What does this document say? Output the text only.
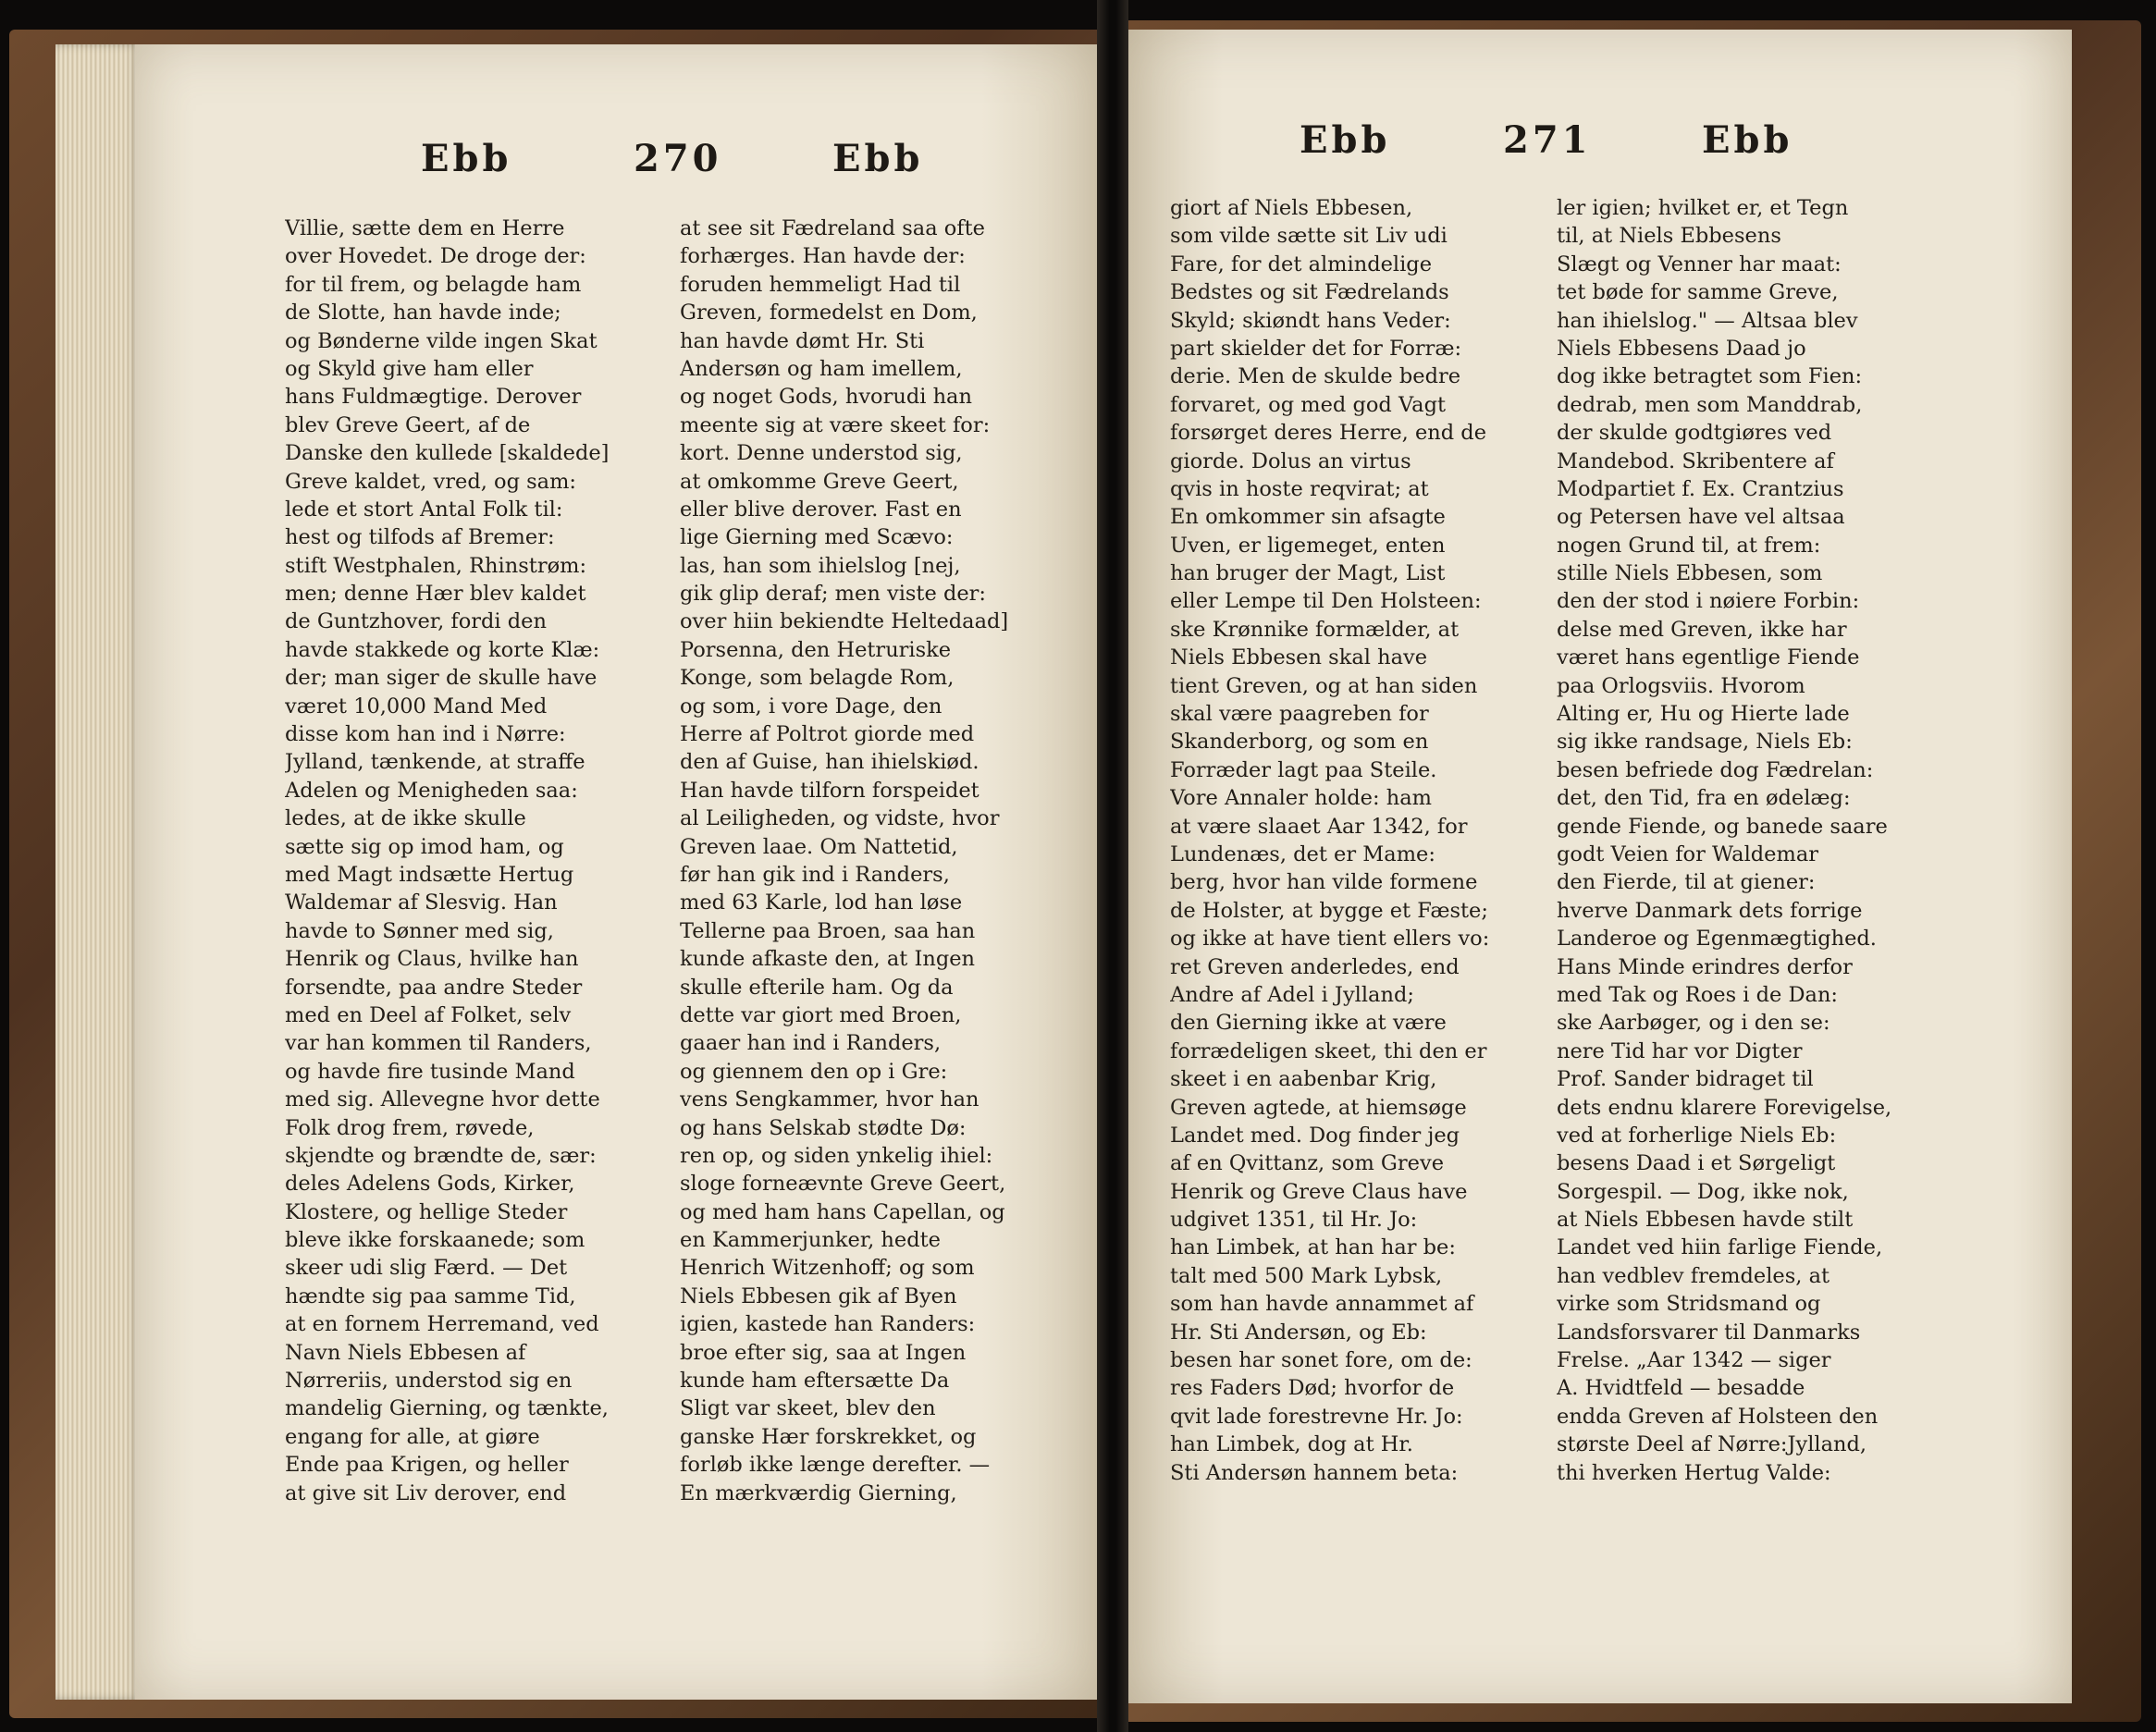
Ebb	270	Ebb	Ebb	271	Ebb
Villie, sætte dem en Herre
over Hovedet. De droge der:
for til frem, og belagde ham
de Slotte, han havde inde;
og Bønderne vilde ingen Skat
og Skyld give ham eller
hans Fuldmægtige. Derover
blev Greve Geert, af de
Danske den kullede [skaldede]
Greve kaldet, vred, og sam:
lede et stort Antal Folk til:
hest og tilfods af Bremer:
stift Westphalen, Rhinstrøm:
men; denne Hær blev kaldet
de Guntzhover, fordi den
havde stakkede og korte Klæ:
der; man siger de skulle have
været 10,000 Mand Med
disse kom han ind i Nørre:
Jylland, tænkende, at straffe
Adelen og Menigheden saa:
ledes, at de ikke skulle
sætte sig op imod ham, og
med Magt indsætte Hertug
Waldemar af Slesvig. Han
havde to Sønner med sig,
Henrik og Claus, hvilke han
forsendte, paa andre Steder
med en Deel af Folket, selv
var han kommen til Randers,
og havde fire tusinde Mand
med sig. Allevegne hvor dette
Folk drog frem, røvede,
skjendte og brændte de, sær:
deles Adelens Gods, Kirker,
Klostere, og hellige Steder
bleve ikke forskaanede; som
skeer udi slig Færd. — Det
hændte sig paa samme Tid,
at en fornem Herremand, ved
Navn Niels Ebbesen af
Nørreriis, understod sig en
mandelig Gierning, og tænkte,
engang for alle, at giøre
Ende paa Krigen, og heller
at give sit Liv derover, end
at see sit Fædreland saa ofte
forhærges. Han havde der:
foruden hemmeligt Had til
Greven, formedelst en Dom,
han havde dømt Hr. Sti
Andersøn og ham imellem,
og noget Gods, hvorudi han
meente sig at være skeet for:
kort. Denne understod sig,
at omkomme Greve Geert,
eller blive derover. Fast en
lige Gierning med Scævo:
las, han som ihielslog [nej,
gik glip deraf; men viste der:
over hiin bekiendte Heltedaad]
Porsenna, den Hetruriske
Konge, som belagde Rom,
og som, i vore Dage, den
Herre af Poltrot giorde med
den af Guise, han ihielskiød.
Han havde tilforn forspeidet
al Leiligheden, og vidste, hvor
Greven laae. Om Nattetid,
før han gik ind i Randers,
med 63 Karle, lod han løse
Tellerne paa Broen, saa han
kunde afkaste den, at Ingen
skulle efterile ham. Og da
dette var giort med Broen,
gaaer han ind i Randers,
og giennem den op i Gre:
vens Sengkammer, hvor han
og hans Selskab stødte Dø:
ren op, og siden ynkelig ihiel:
sloge forneævnte Greve Geert,
og med ham hans Capellan, og
en Kammerjunker, hedte
Henrich Witzenhoff; og som
Niels Ebbesen gik af Byen
igien, kastede han Randers:
broe efter sig, saa at Ingen
kunde ham eftersætte Da
Sligt var skeet, blev den
ganske Hær forskrekket, og
forløb ikke længe derefter. —
En mærkværdig Gierning,
giort af Niels Ebbesen,
som vilde sætte sit Liv udi
Fare, for det almindelige
Bedstes og sit Fædrelands
Skyld; skiøndt hans Veder:
part skielder det for Forræ:
derie. Men de skulde bedre
forvaret, og med god Vagt
forsørget deres Herre, end de
giorde. Dolus an virtus
qvis in hoste reqvirat; at
En omkommer sin afsagte
Uven, er ligemeget, enten
han bruger der Magt, List
eller Lempe til Den Holsteen:
ske Krønnike formælder, at
Niels Ebbesen skal have
tient Greven, og at han siden
skal være paagreben for
Skanderborg, og som en
Forræder lagt paa Steile.
Vore Annaler holde: ham
at være slaaet Aar 1342, for
Lundenæs, det er Mame:
berg, hvor han vilde formene
de Holster, at bygge et Fæste;
og ikke at have tient ellers vo:
ret Greven anderledes, end
Andre af Adel i Jylland;
den Gierning ikke at være
forrædeligen skeet, thi den er
skeet i en aabenbar Krig,
Greven agtede, at hiemsøge
Landet med. Dog finder jeg
af en Qvittanz, som Greve
Henrik og Greve Claus have
udgivet 1351, til Hr. Jo:
han Limbek, at han har be:
talt med 500 Mark Lybsk,
som han havde annammet af
Hr. Sti Andersøn, og Eb:
besen har sonet fore, om de:
res Faders Død; hvorfor de
qvit lade forestrevne Hr. Jo:
han Limbek, dog at Hr.
Sti Andersøn hannem beta:
ler igien; hvilket er, et Tegn
til, at Niels Ebbesens
Slægt og Venner har maat:
tet bøde for samme Greve,
han ihielslog." — Altsaa blev
Niels Ebbesens Daad jo
dog ikke betragtet som Fien:
dedrab, men som Manddrab,
der skulde godtgiøres ved
Mandebod. Skribentere af
Modpartiet f. Ex. Crantzius
og Petersen have vel altsaa
nogen Grund til, at frem:
stille Niels Ebbesen, som
den der stod i nøiere Forbin:
delse med Greven, ikke har
været hans egentlige Fiende
paa Orlogsviis. Hvorom
Alting er, Hu og Hierte lade
sig ikke randsage, Niels Eb:
besen befriede dog Fædrelan:
det, den Tid, fra en ødelæg:
gende Fiende, og banede saare
godt Veien for Waldemar
den Fierde, til at giener:
hverve Danmark dets forrige
Landeroe og Egenmægtighed.
Hans Minde erindres derfor
med Tak og Roes i de Dan:
ske Aarbøger, og i den se:
nere Tid har vor Digter
Prof. Sander bidraget til
dets endnu klarere Forevigelse,
ved at forherlige Niels Eb:
besens Daad i et Sørgeligt
Sorgespil. — Dog, ikke nok,
at Niels Ebbesen havde stilt
Landet ved hiin farlige Fiende,
han vedblev fremdeles, at
virke som Stridsmand og
Landsforsvarer til Danmarks
Frelse. „Aar 1342 — siger
A. Hvidtfeld — besadde
endda Greven af Holsteen den
største Deel af Nørre:Jylland,
thi hverken Hertug Valde:
